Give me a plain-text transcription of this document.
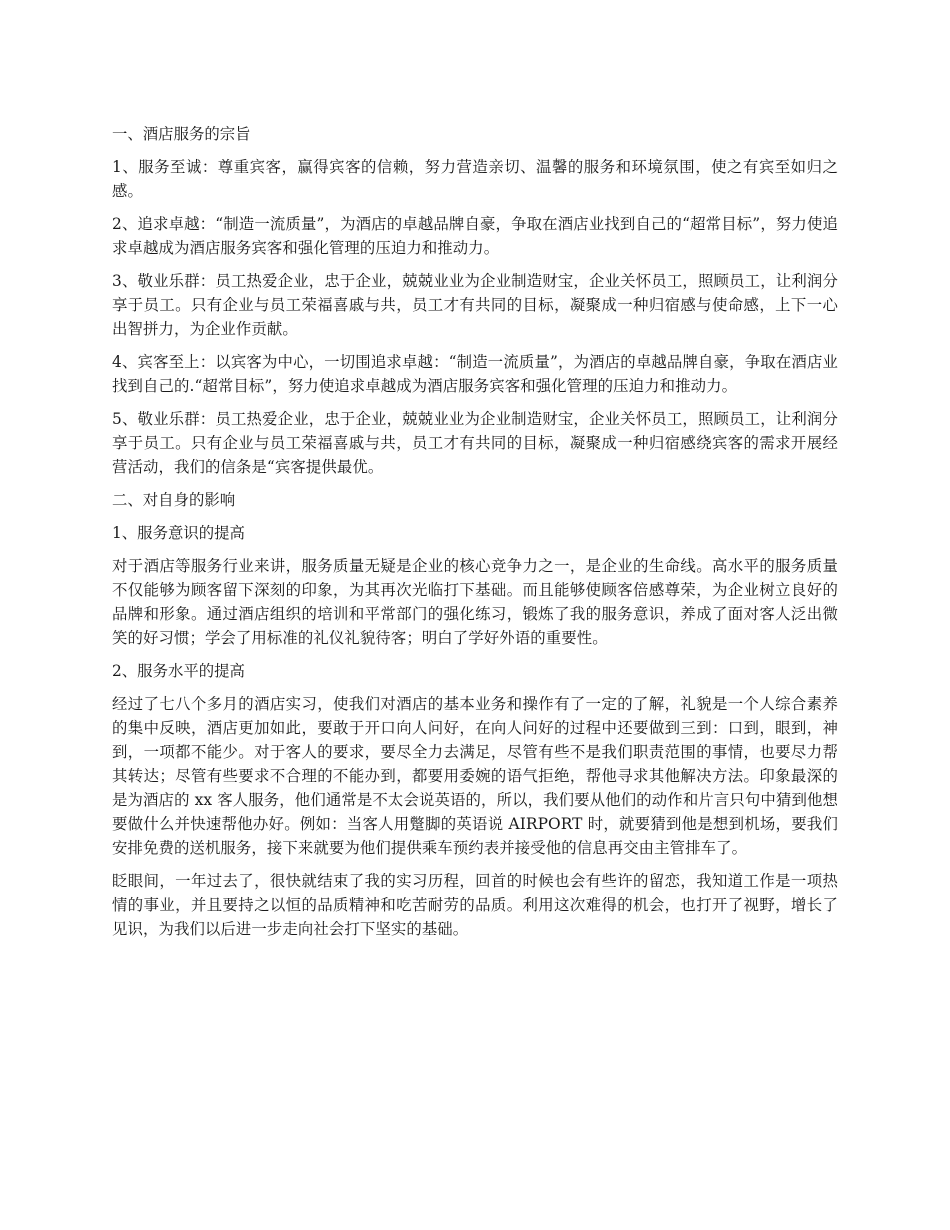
一、酒店服务的宗旨

1、服务至诚：尊重宾客，赢得宾客的信赖，努力营造亲切、温馨的服务和环境氛围，使之有宾至如归之感。

2、追求卓越：“制造一流质量”，为酒店的卓越品牌自豪，争取在酒店业找到自己的“超常目标”，努力使追求卓越成为酒店服务宾客和强化管理的压迫力和推动力。

3、敬业乐群：员工热爱企业，忠于企业，兢兢业业为企业制造财宝，企业关怀员工，照顾员工，让利润分享于员工。只有企业与员工荣福喜戚与共，员工才有共同的目标，凝聚成一种归宿感与使命感，上下一心出智拼力，为企业作贡献。

4、宾客至上：以宾客为中心，一切围追求卓越：“制造一流质量”，为酒店的卓越品牌自豪，争取在酒店业找到自己的.“超常目标”，努力使追求卓越成为酒店服务宾客和强化管理的压迫力和推动力。

5、敬业乐群：员工热爱企业，忠于企业，兢兢业业为企业制造财宝，企业关怀员工，照顾员工，让利润分享于员工。只有企业与员工荣福喜戚与共，员工才有共同的目标，凝聚成一种归宿感绕宾客的需求开展经营活动，我们的信条是“宾客提供最优。

二、对自身的影响

1、服务意识的提高

对于酒店等服务行业来讲，服务质量无疑是企业的核心竞争力之一，是企业的生命线。高水平的服务质量不仅能够为顾客留下深刻的印象，为其再次光临打下基础。而且能够使顾客倍感尊荣，为企业树立良好的品牌和形象。通过酒店组织的培训和平常部门的强化练习，锻炼了我的服务意识，养成了面对客人泛出微笑的好习惯；学会了用标准的礼仪礼貌待客；明白了学好外语的重要性。

2、服务水平的提高

经过了七八个多月的酒店实习，使我们对酒店的基本业务和操作有了一定的了解，礼貌是一个人综合素养的集中反映，酒店更加如此，要敢于开口向人问好，在向人问好的过程中还要做到三到：口到，眼到，神到，一项都不能少。对于客人的要求，要尽全力去满足，尽管有些不是我们职责范围的事情，也要尽力帮其转达；尽管有些要求不合理的不能办到，都要用委婉的语气拒绝，帮他寻求其他解决方法。印象最深的是为酒店的 xx 客人服务，他们通常是不太会说英语的，所以，我们要从他们的动作和片言只句中猜到他想要做什么并快速帮他办好。例如：当客人用蹩脚的英语说 AIRPORT 时，就要猜到他是想到机场，要我们安排免费的送机服务，接下来就要为他们提供乘车预约表并接受他的信息再交由主管排车了。

眨眼间，一年过去了，很快就结束了我的实习历程，回首的时候也会有些许的留恋，我知道工作是一项热情的事业，并且要持之以恒的品质精神和吃苦耐劳的品质。利用这次难得的机会，也打开了视野，增长了见识，为我们以后进一步走向社会打下坚实的基础。
